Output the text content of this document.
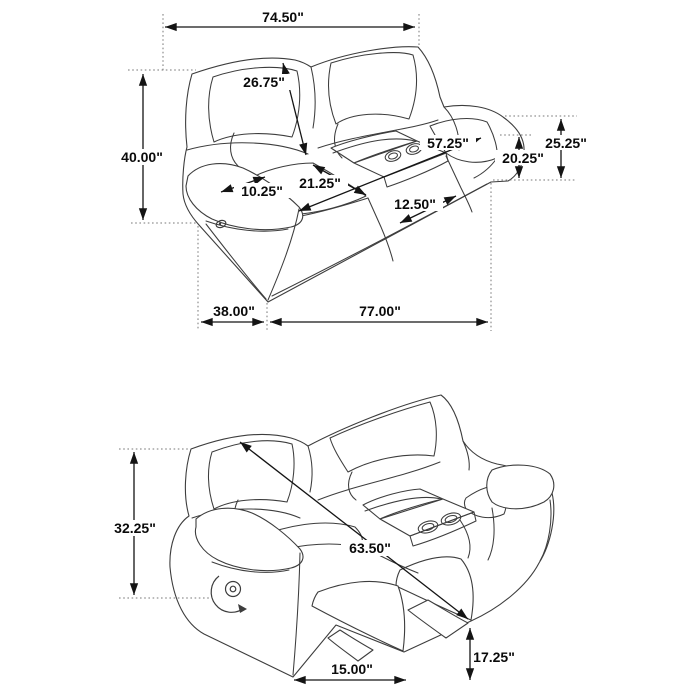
74.50"
40.00"
26.75"
10.25" 21.25"
57.25"
12.50"
20.25"
25.25"
38.00"	77.00"
32.25"
63.50"
15.00"
17.25"
